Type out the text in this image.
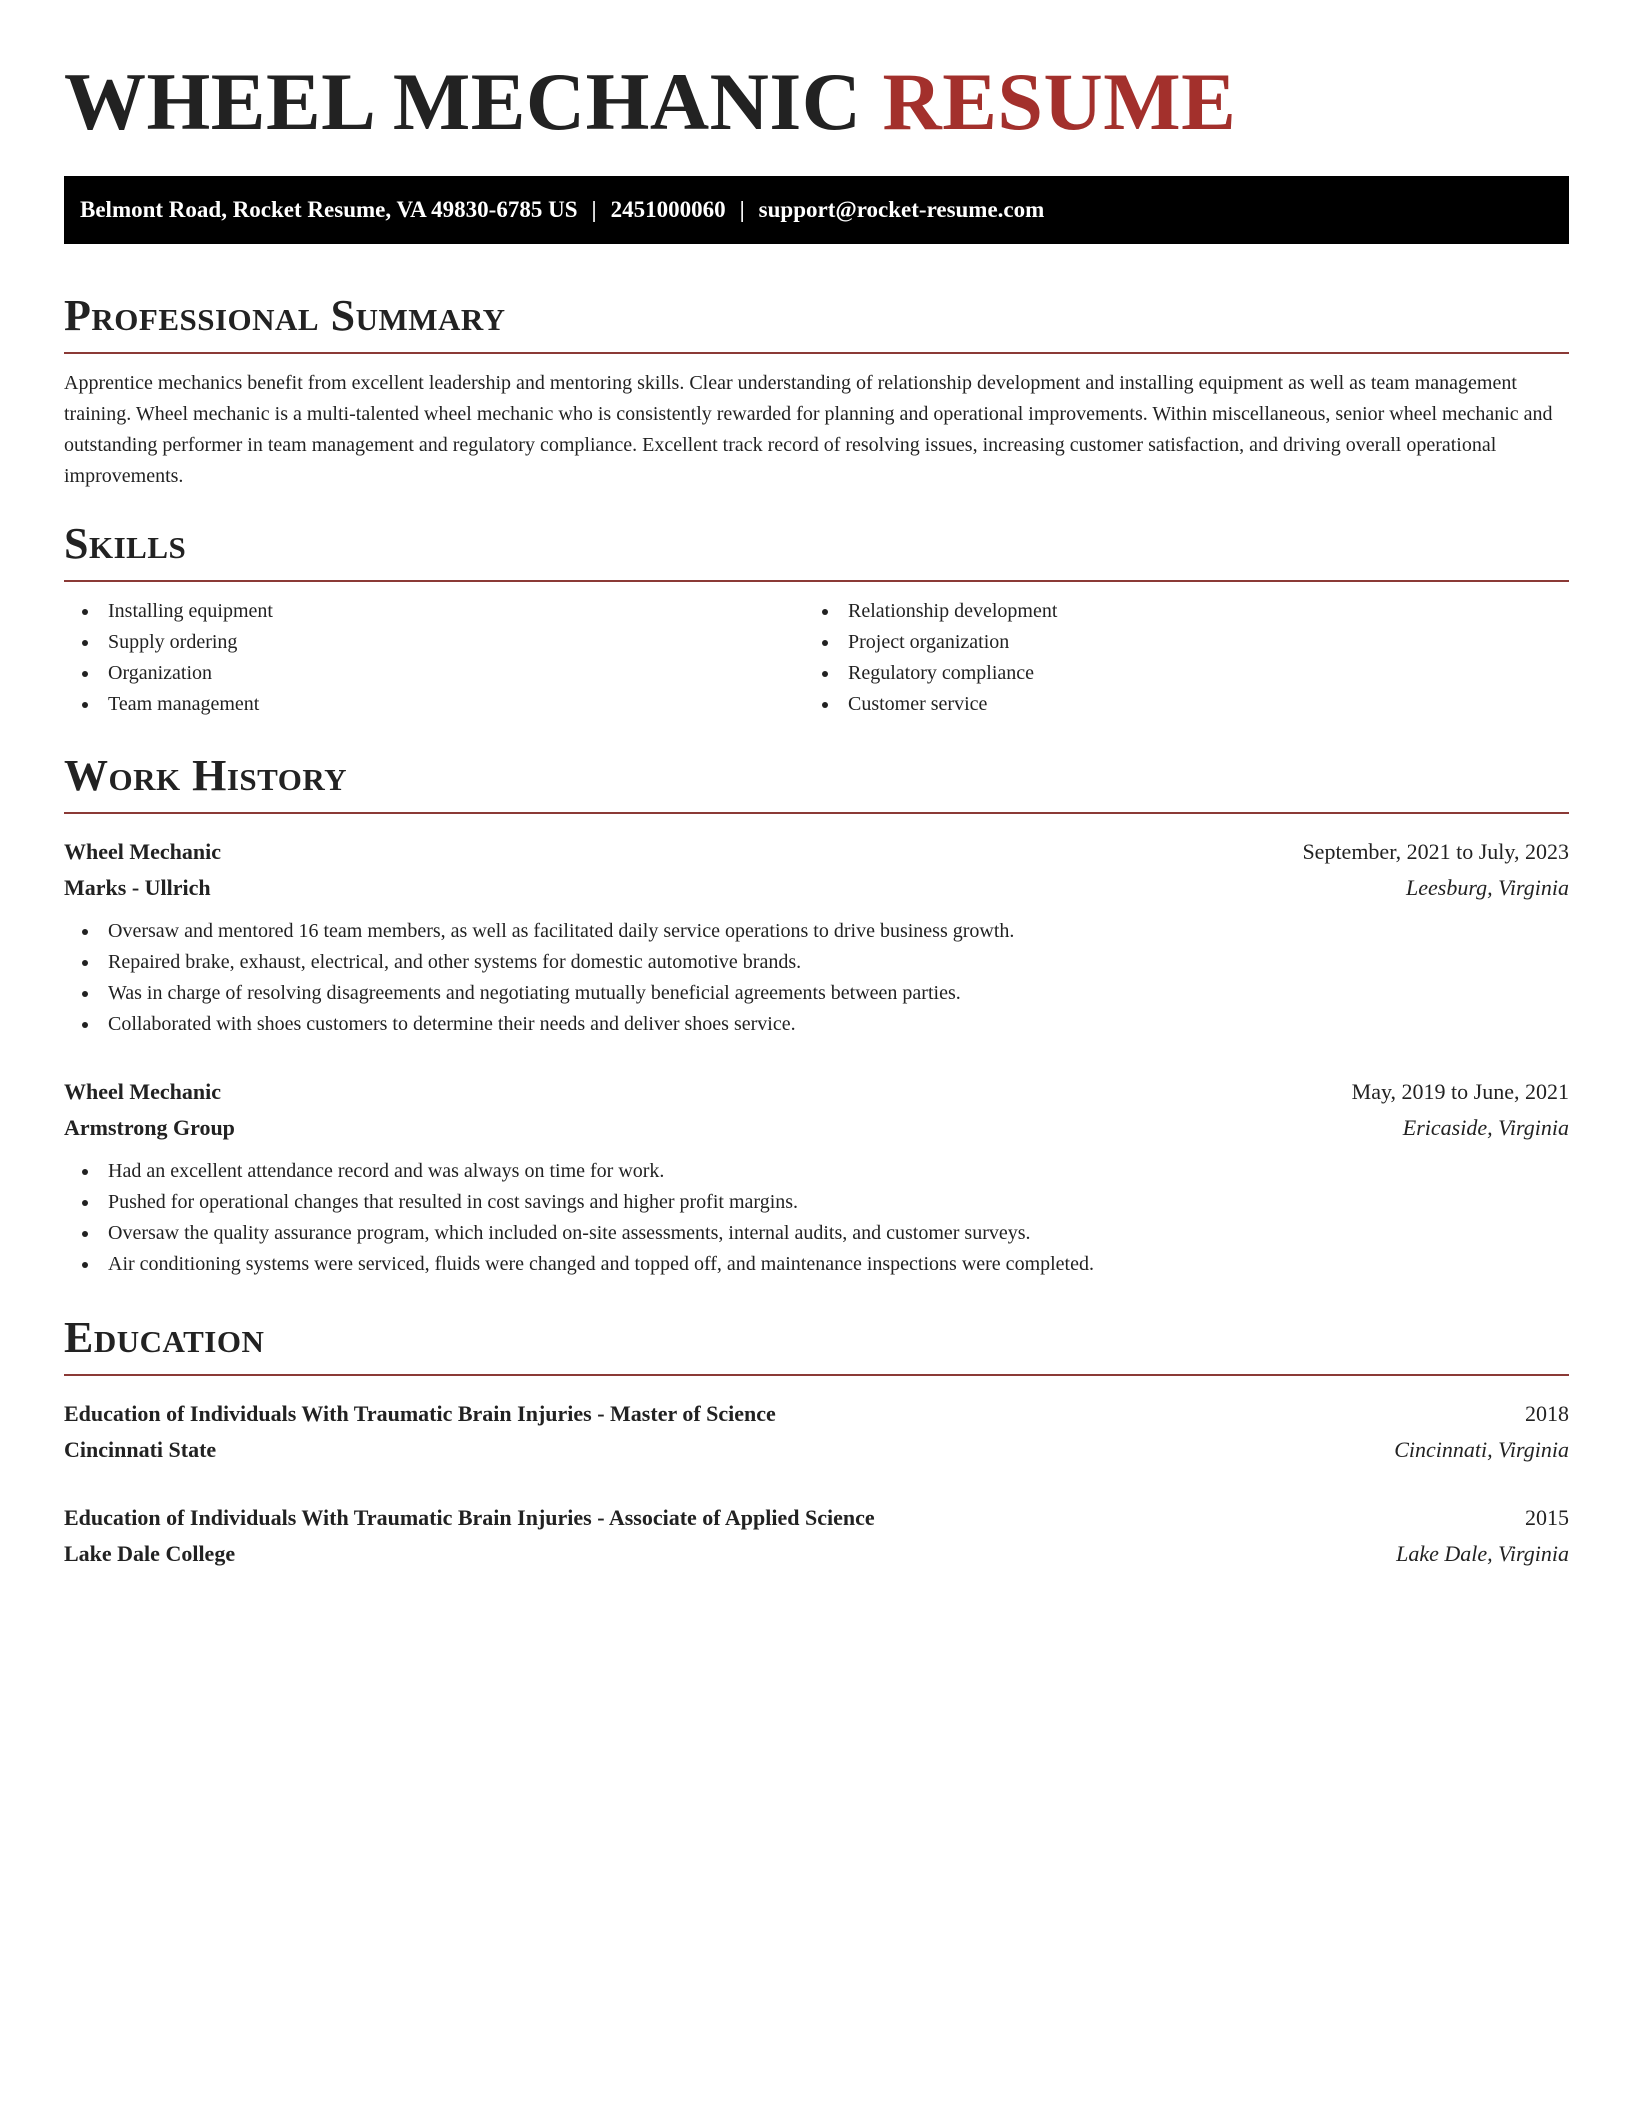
WHEEL MECHANIC RESUME
Belmont Road, Rocket Resume, VA 49830-6785 US | 2451000060 | support@rocket-resume.com
Professional Summary

Apprentice mechanics benefit from excellent leadership and mentoring skills. Clear understanding of relationship development and installing equipment as well as team management training. Wheel mechanic is a multi-talented wheel mechanic who is consistently rewarded for planning and operational improvements. Within miscellaneous, senior wheel mechanic and outstanding performer in team management and regulatory compliance. Excellent track record of resolving issues, increasing customer satisfaction, and driving overall operational improvements.

Skills
Installing equipment
Supply ordering
Organization
Team management
Relationship development
Project organization
Regulatory compliance
Customer service
Work History
Wheel Mechanic	September, 2021 to July, 2023
Marks - Ullrich	Leesburg, Virginia
Oversaw and mentored 16 team members, as well as facilitated daily service operations to drive business growth.
Repaired brake, exhaust, electrical, and other systems for domestic automotive brands.
Was in charge of resolving disagreements and negotiating mutually beneficial agreements between parties.
Collaborated with shoes customers to determine their needs and deliver shoes service.
Wheel Mechanic	May, 2019 to June, 2021
Armstrong Group	Ericaside, Virginia
Had an excellent attendance record and was always on time for work.
Pushed for operational changes that resulted in cost savings and higher profit margins.
Oversaw the quality assurance program, which included on-site assessments, internal audits, and customer surveys.
Air conditioning systems were serviced, fluids were changed and topped off, and maintenance inspections were completed.
Education
Education of Individuals With Traumatic Brain Injuries - Master of Science	2018
Cincinnati State	Cincinnati, Virginia
Education of Individuals With Traumatic Brain Injuries - Associate of Applied Science	2015
Lake Dale College	Lake Dale, Virginia
